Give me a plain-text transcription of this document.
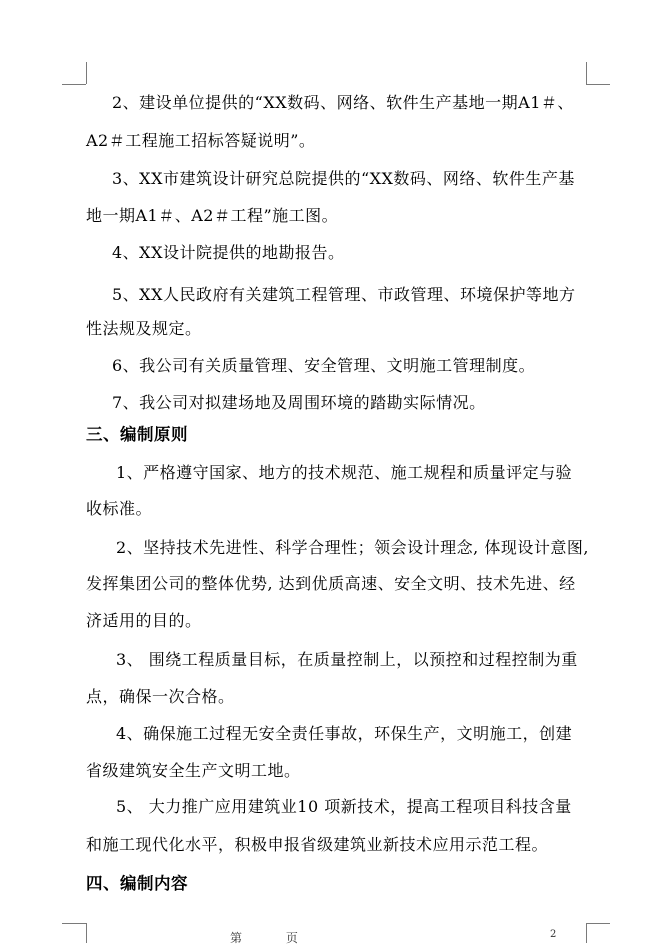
2、建设单位提供的“XX数码、网络、软件生产基地一期A1＃、
A2＃工程施工招标答疑说明”。
3、XX市建筑设计研究总院提供的“XX数码、网络、软件生产基
地一期A1＃、A2＃工程”施工图。
4、XX设计院提供的地勘报告。
5、XX人民政府有关建筑工程管理、市政管理、环境保护等地方
性法规及规定。
6、我公司有关质量管理、安全管理、文明施工管理制度。
7、我公司对拟建场地及周围环境的踏勘实际情况。
三、编制原则
1、严格遵守国家、地方的技术规范、施工规程和质量评定与验
收标准。
2、坚持技术先进性、科学合理性；领会设计理念, 体现设计意图,
发挥集团公司的整体优势, 达到优质高速、安全文明、技术先进、经
济适用的目的。
3、 围绕工程质量目标，在质量控制上，以预控和过程控制为重
点，确保一次合格。
4、确保施工过程无安全责任事故，环保生产，文明施工，创建
省级建筑安全生产文明工地。
5、 大力推广应用建筑业10 项新技术，提高工程项目科技含量
和施工现代化水平，积极申报省级建筑业新技术应用示范工程。
四、编制内容
第 页	2
